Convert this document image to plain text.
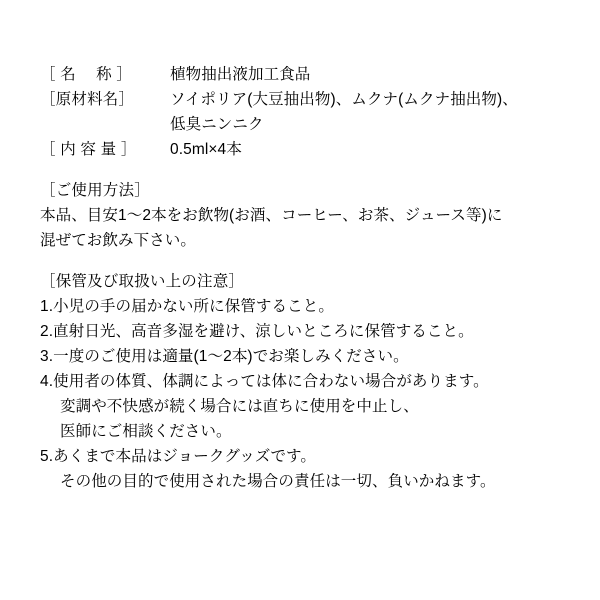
［ 名　 称 ］	植物抽出液加工食品
［原材料名］	ソイポリア(大豆抽出物)、ムクナ(ムクナ抽出物)、
低臭ニンニク

［ 内 容 量 ］	0.5ml×4本
［ご使用方法］
本品、目安1〜2本をお飲物(お酒、コーヒー、お茶、ジュース等)に
混ぜてお飲み下さい。
［保管及び取扱い上の注意］
1.小児の手の届かない所に保管すること。
2.直射日光、高音多湿を避け、涼しいところに保管すること。
3.一度のご使用は適量(1〜2本)でお楽しみください。
4.使用者の体質、体調によっては体に合わない場合があります。
変調や不快感が続く場合には直ちに使用を中止し、
医師にご相談ください。
5.あくまで本品はジョークグッズです。
その他の目的で使用された場合の責任は一切、負いかねます。
